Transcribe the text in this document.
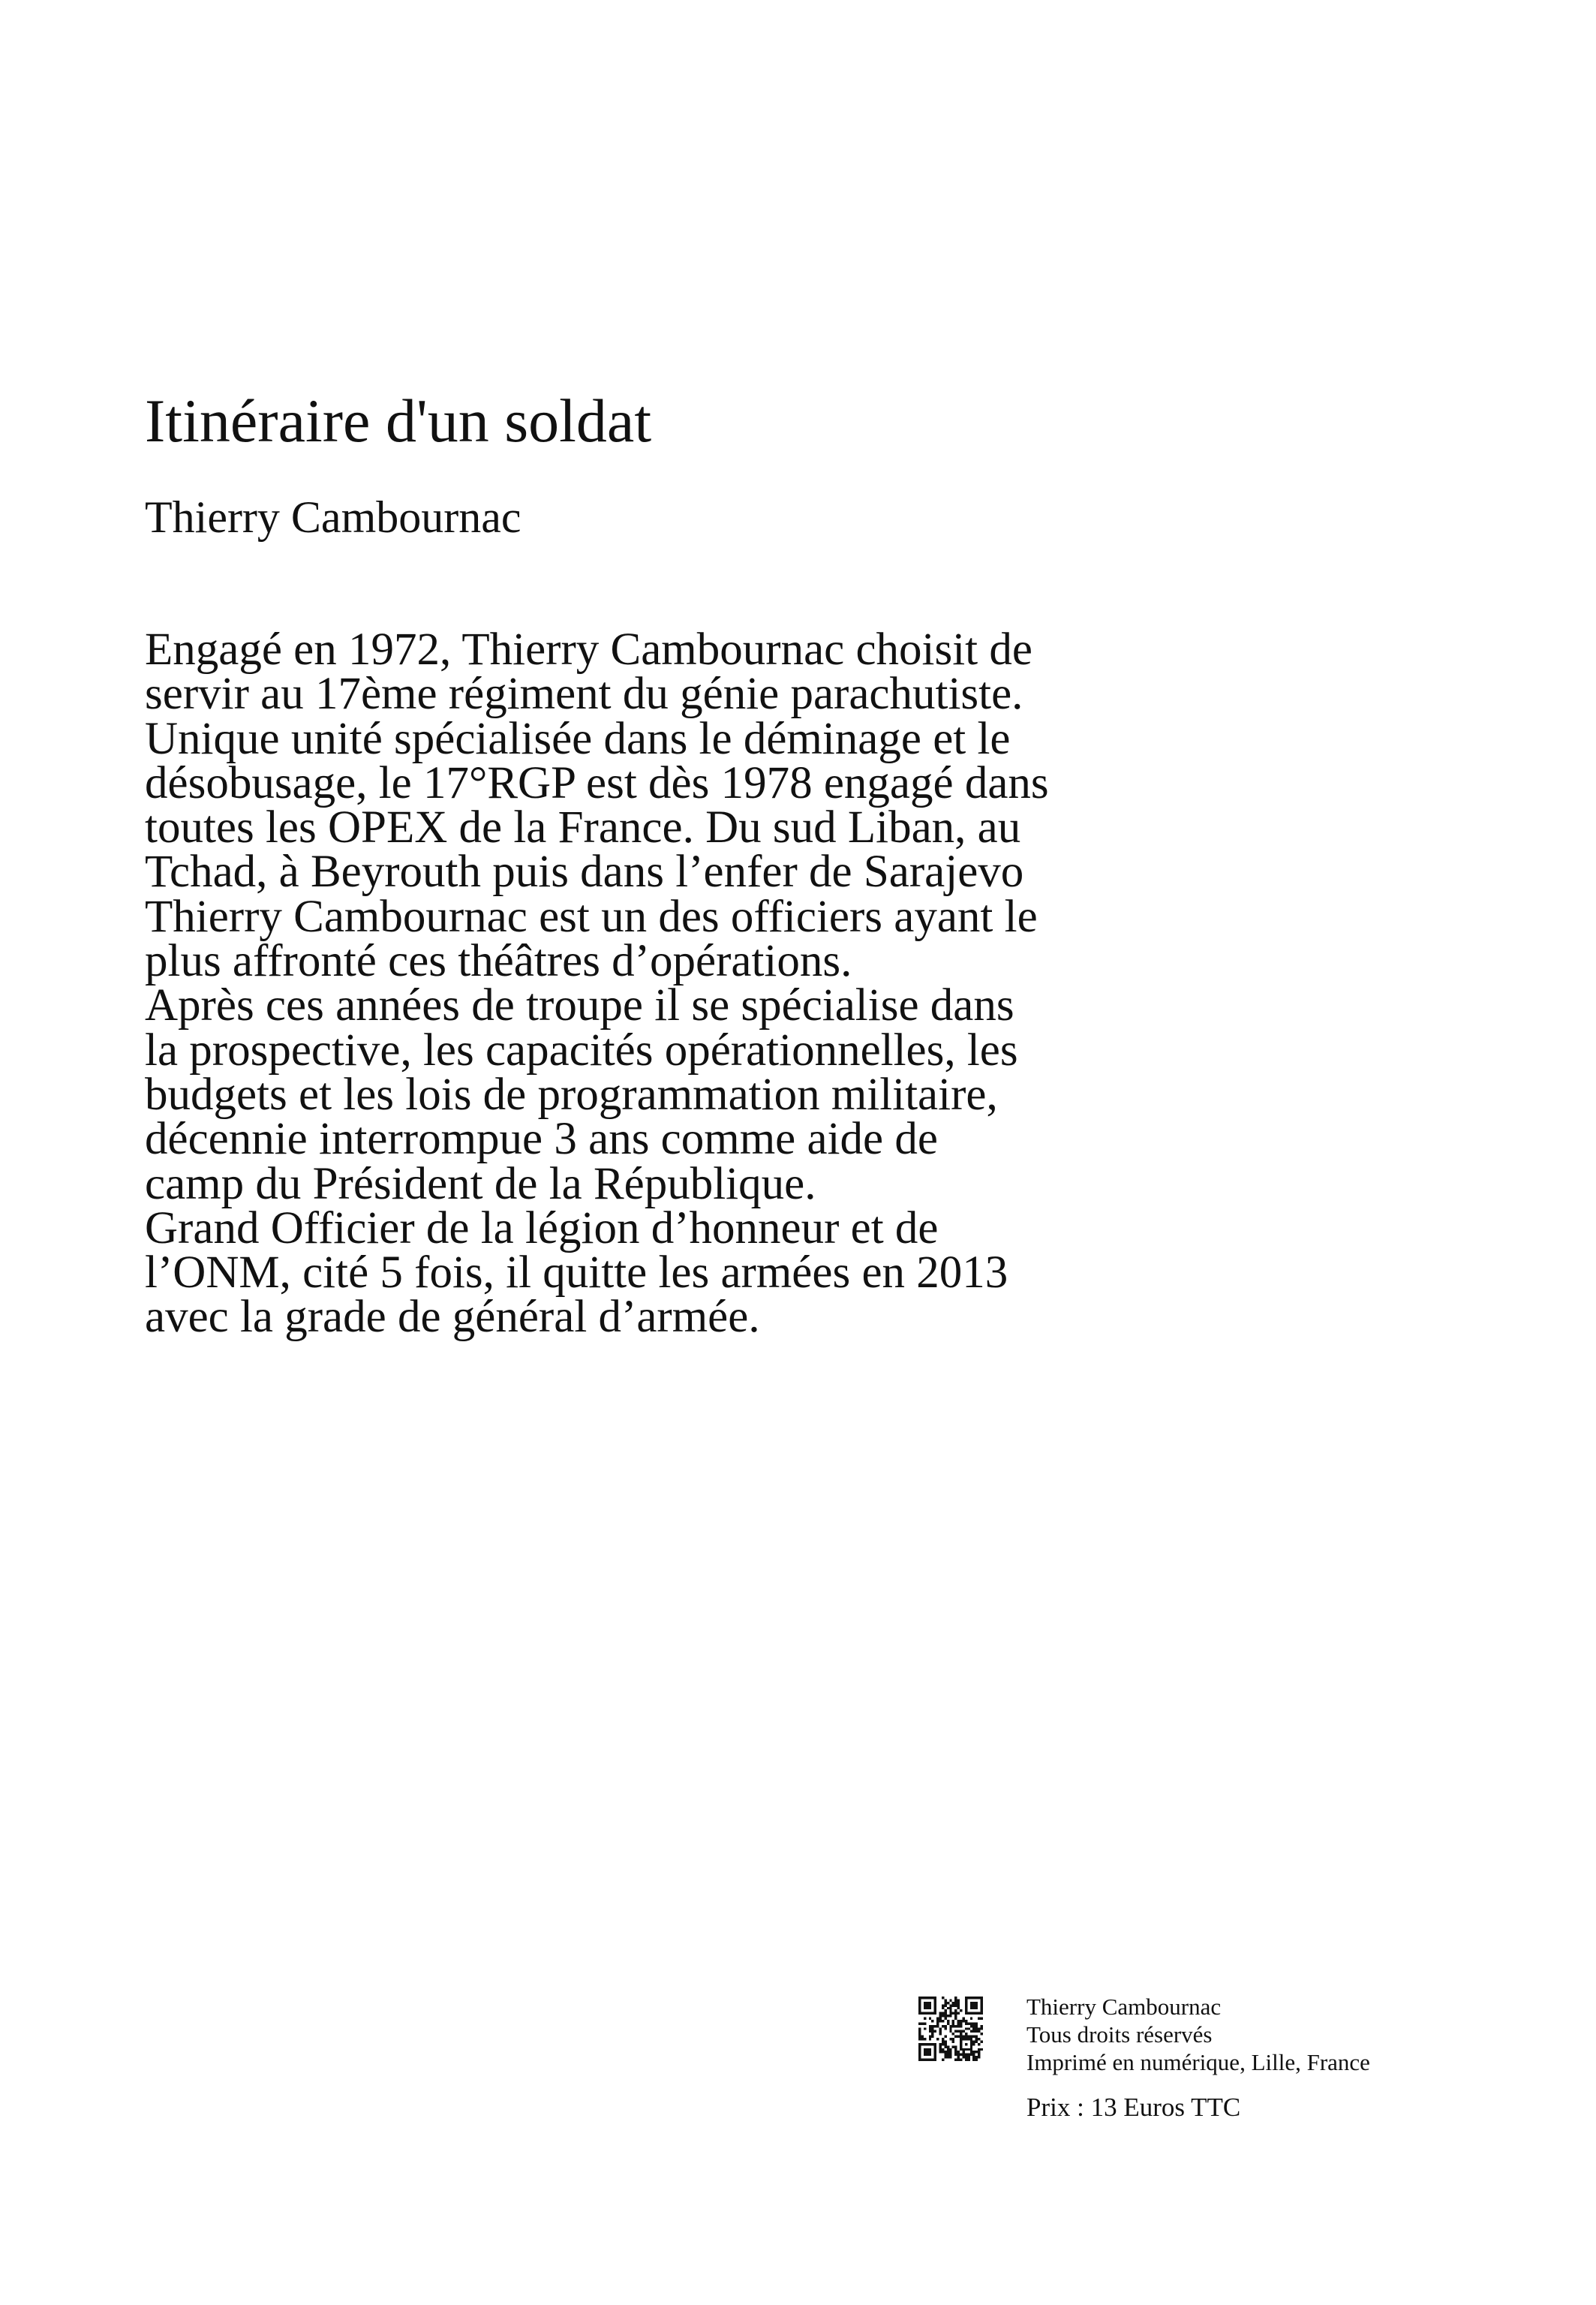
Itinéraire d'un soldat
Thierry Cambournac
Engagé en 1972, Thierry Cambournac choisit de
servir au 17ème régiment du génie parachutiste.
Unique unité spécialisée dans le déminage et le
désobusage, le 17°RGP est dès 1978 engagé dans
toutes les OPEX de la France. Du sud Liban, au
Tchad, à Beyrouth puis dans l’enfer de Sarajevo
Thierry Cambournac est un des officiers ayant le
plus affronté ces théâtres d’opérations.
Après ces années de troupe il se spécialise dans
la prospective, les capacités opérationnelles, les
budgets et les lois de programmation militaire,
décennie interrompue 3 ans comme aide de
camp du Président de la République.
Grand Officier de la légion d’honneur et de
l’ONM, cité 5 fois, il quitte les armées en 2013
avec la grade de général d’armée.
Thierry Cambournac
Tous droits réservés
Imprimé en numérique, Lille, France
Prix : 13 Euros TTC
